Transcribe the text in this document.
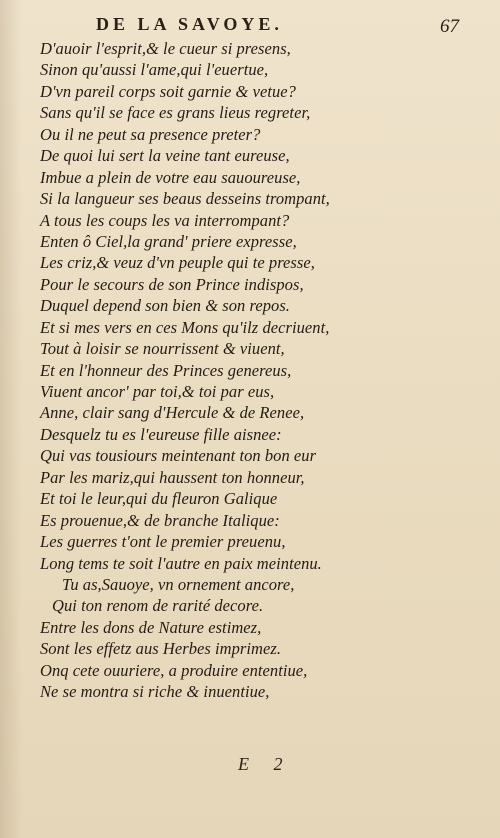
DE LA SAVOYE.	67
D'auoir l'esprit,& le cueur si presens,
Sinon qu'aussi l'ame,qui l'euertue,
D'vn pareil corps soit garnie & vetue?
Sans qu'il se face es grans lieus regreter,
Ou il ne peut sa presence preter?
De quoi lui sert la veine tant eureuse,
Imbue a plein de votre eau sauoureuse,
Si la langueur ses beaus desseins trompant,
A tous les coups les va interrompant?
Enten ô Ciel,la grand' priere expresse,
Les criz,& veuz d'vn peuple qui te presse,
Pour le secours de son Prince indispos,
Duquel depend son bien & son repos.
Et si mes vers en ces Mons qu'ilz decriuent,
Tout à loisir se nourrissent & viuent,
Et en l'honneur des Princes genereus,
Viuent ancor' par toi,& toi par eus,
Anne, clair sang d'Hercule & de Renee,
Desquelz tu es l'eureuse fille aisnee:
Qui vas tousiours meintenant ton bon eur
Par les mariz,qui haussent ton honneur,
Et toi le leur,qui du fleuron Galique
Es prouenue,& de branche Italique:
Les guerres t'ont le premier preuenu,
Long tems te soit l'autre en paix meintenu.
Tu as,Sauoye, vn ornement ancore,
Qui ton renom de rarité decore.
Entre les dons de Nature estimez,
Sont les effetz aus Herbes imprimez.
Onq cete ouuriere, a produire ententiue,
Ne se montra si riche & inuentiue,
E 2
